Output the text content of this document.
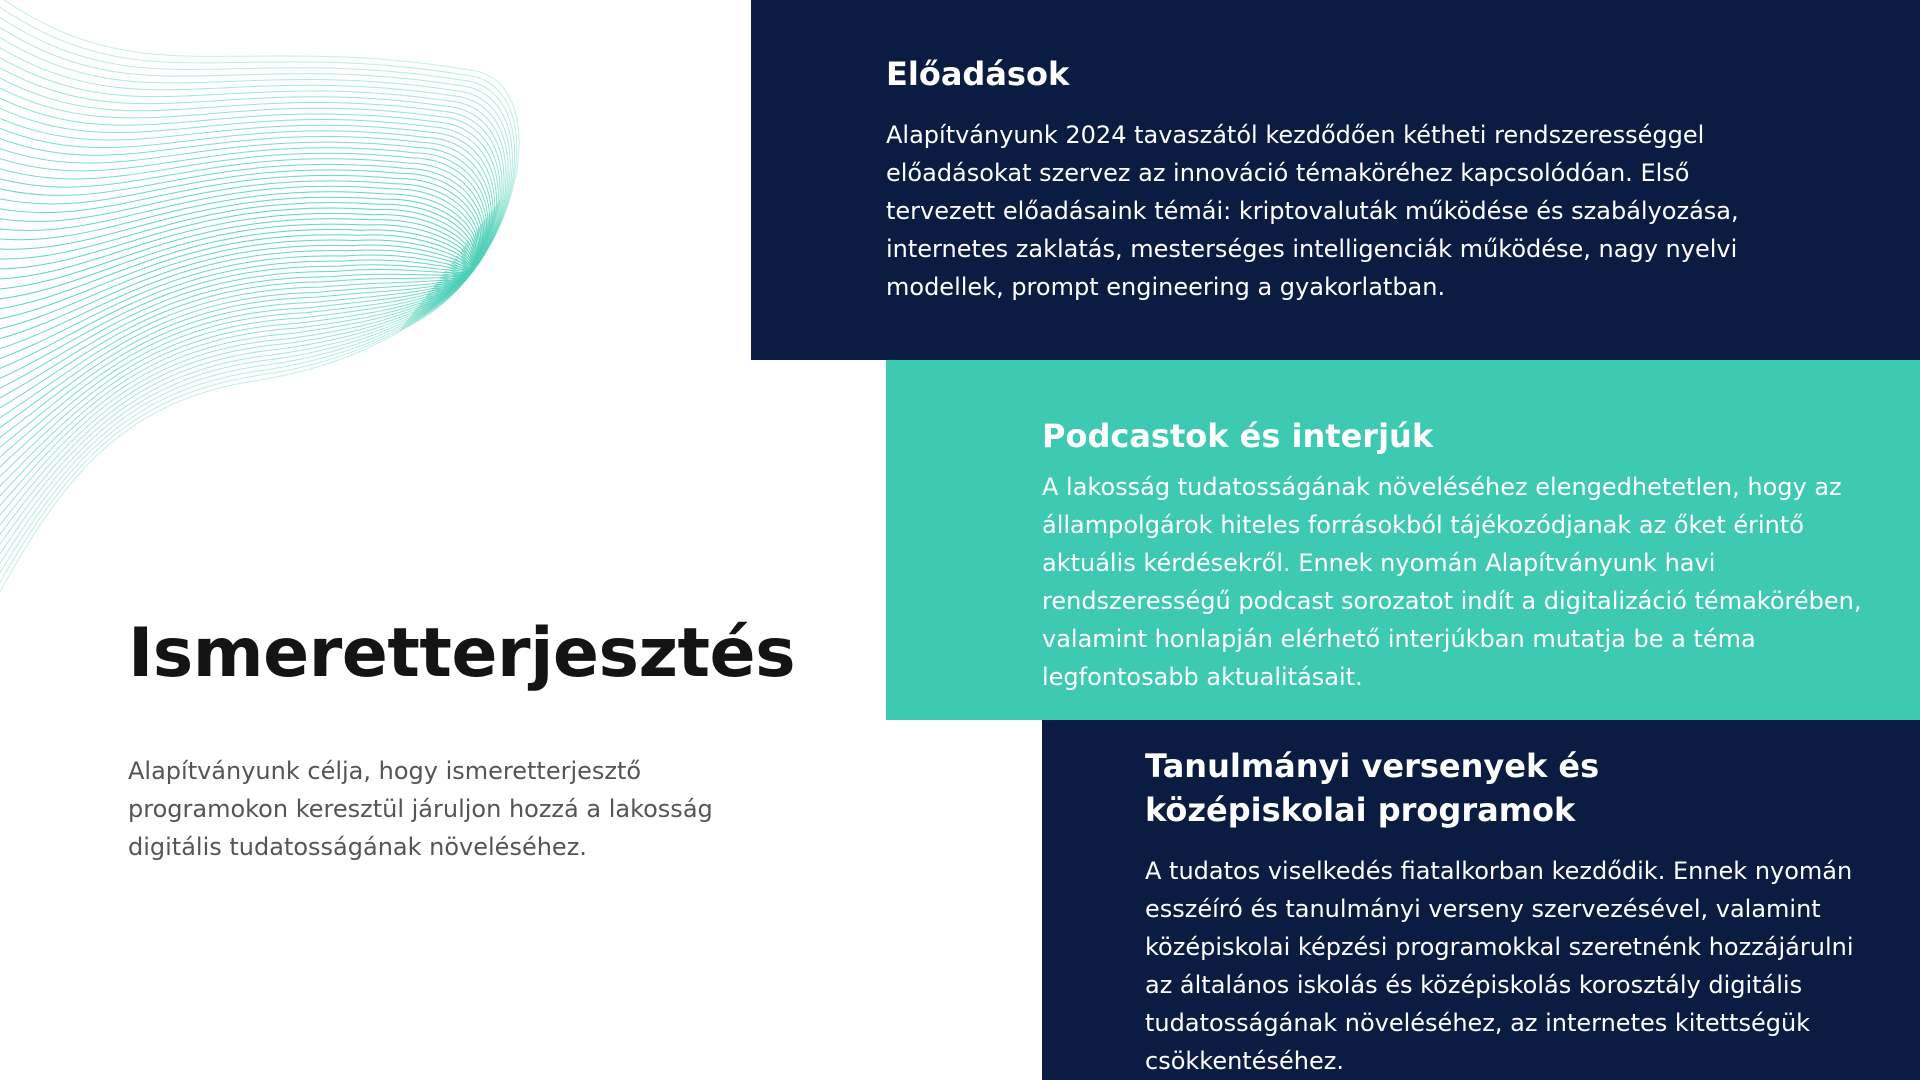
Előadások

Alapítványunk 2024 tavaszától kezdődően kétheti rendszerességgel előadásokat szervez az innováció témaköréhez kapcsolódóan. Első tervezett előadásaink témái: kriptovaluták működése és szabályozása, internetes zaklatás, mesterséges intelligenciák működése, nagy nyelvi modellek, prompt engineering a gyakorlatban.

Podcastok és interjúk

A lakosság tudatosságának növeléséhez elengedhetetlen, hogy az állampolgárok hiteles forrásokból tájékozódjanak az őket érintő aktuális kérdésekről. Ennek nyomán Alapítványunk havi rendszerességű podcast sorozatot indít a digitalizáció témakörében, valamint honlapján elérhető interjúkban mutatja be a téma legfontosabb aktualitásait.

Tanulmányi versenyek és középiskolai programok

A tudatos viselkedés fiatalkorban kezdődik. Ennek nyomán esszéíró és tanulmányi verseny szervezésével, valamint középiskolai képzési programokkal szeretnénk hozzájárulni az általános iskolás és középiskolás korosztály digitális tudatosságának növeléséhez, az internetes kitettségük csökkentéséhez.

Ismeretterjesztés

Alapítványunk célja, hogy ismeretterjesztő programokon keresztül járuljon hozzá a lakosság digitális tudatosságának növeléséhez.
